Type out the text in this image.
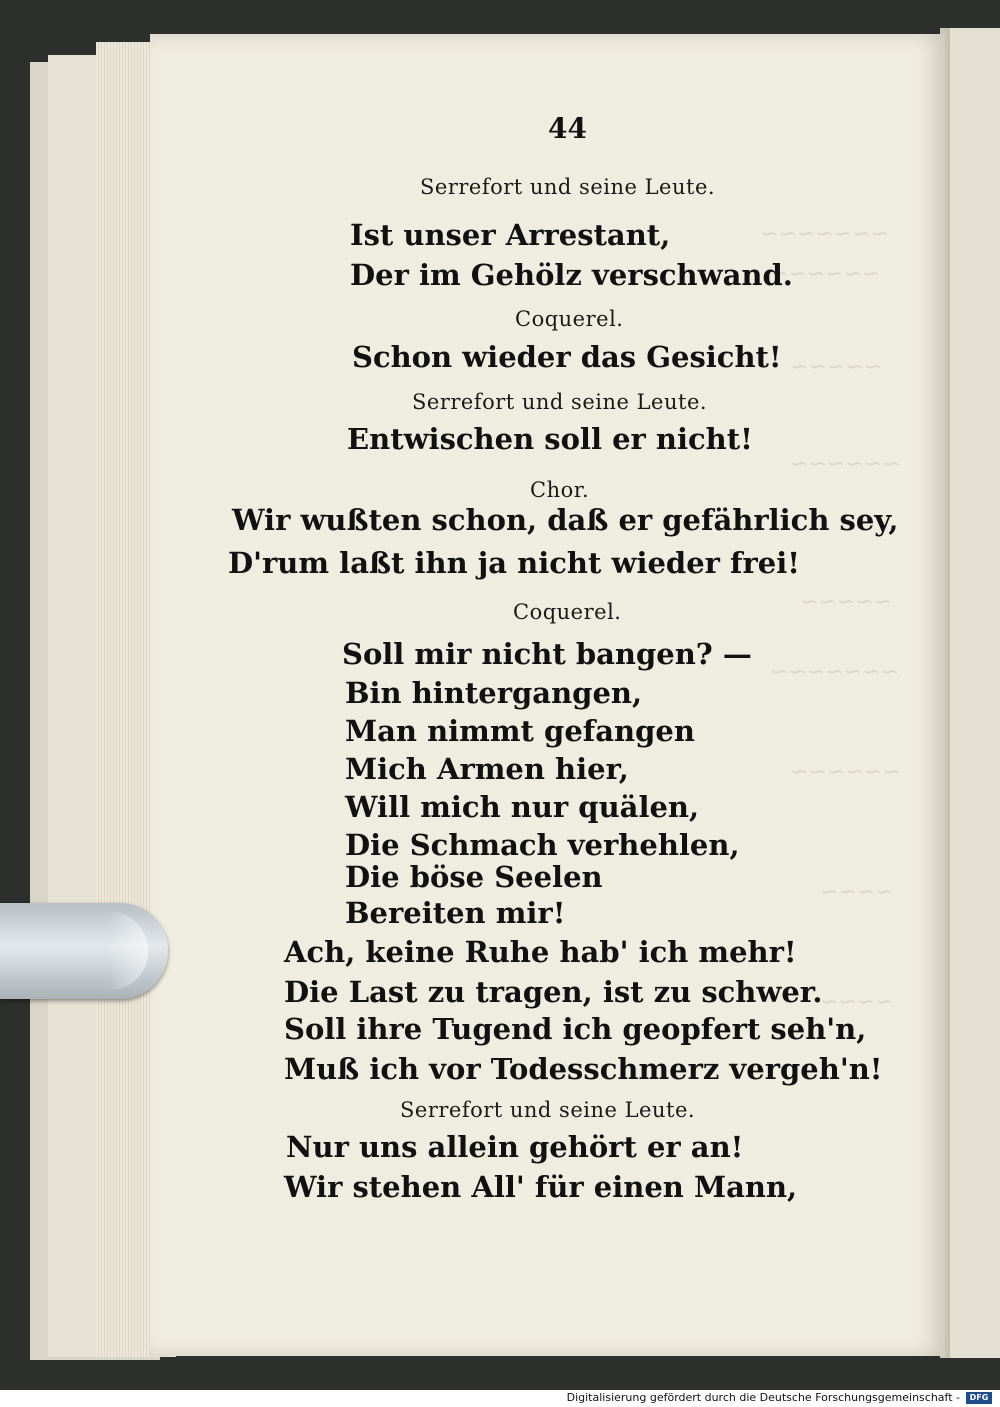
~~~~~~~
~~~~~~
~~~~~
~~~~~~
~~~~~
~~~~~~~
~~~~~~
~~~~
~~~~
44
Serrefort und seine Leute.
Ist unser Arrestant,
Der im Gehölz verschwand.
Coquerel.
Schon wieder das Gesicht!
Serrefort und seine Leute.
Entwischen soll er nicht!
Chor.
Wir wußten schon, daß er gefährlich sey,
D'rum laßt ihn ja nicht wieder frei!
Coquerel.
Soll mir nicht bangen? —
Bin hintergangen,
Man nimmt gefangen
Mich Armen hier,
Will mich nur quälen,
Die Schmach verhehlen,
Die böse Seelen
Bereiten mir!
Ach, keine Ruhe hab' ich mehr!
Die Last zu tragen, ist zu schwer.
Soll ihre Tugend ich geopfert seh'n,
Muß ich vor Todesschmerz vergeh'n!
Serrefort und seine Leute.
Nur uns allein gehört er an!
Wir stehen All' für einen Mann,
Digitalisierung gefördert durch die Deutsche Forschungsgemeinschaft -	DFG
